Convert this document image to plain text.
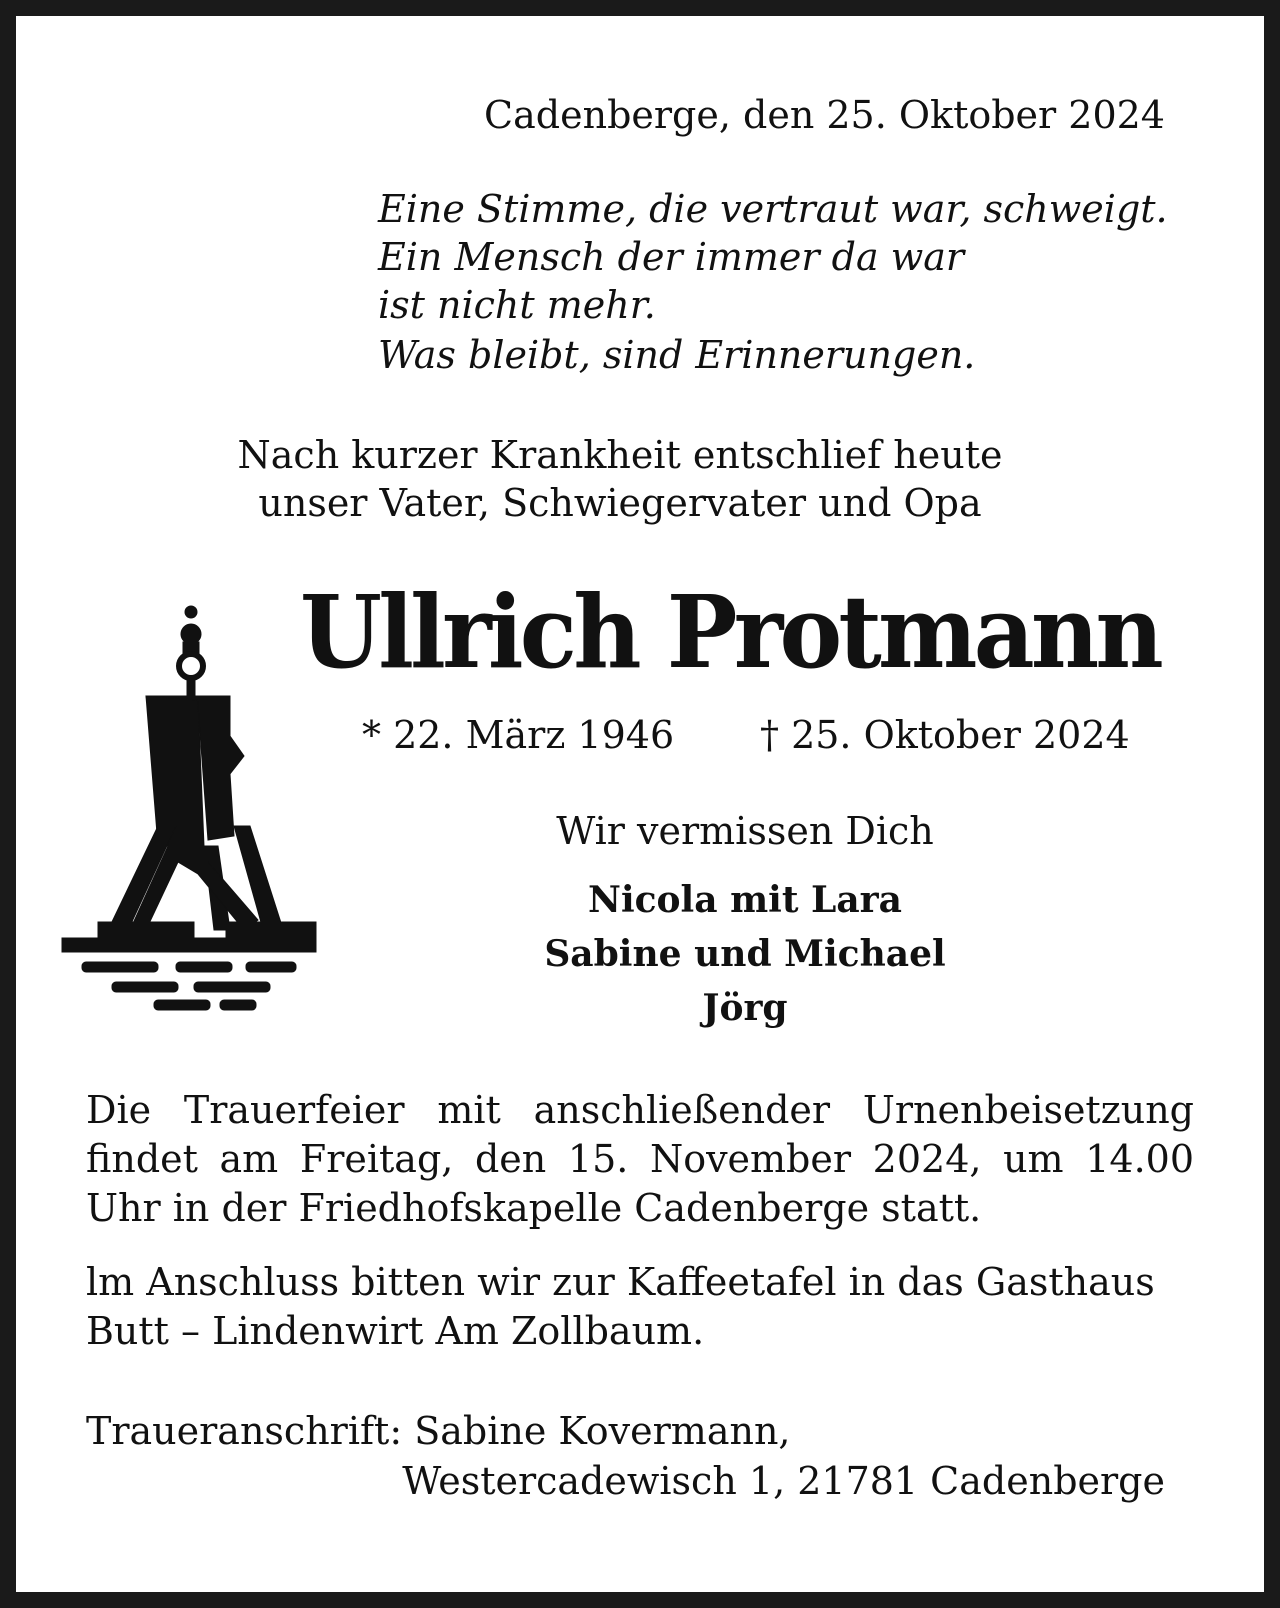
Cadenberge, den 25. Oktober 2024
Eine Stimme, die vertraut war, schweigt.
Ein Mensch der immer da war
ist nicht mehr.
Was bleibt, sind Erinnerungen.
Nach kurzer Krankheit entschlief heute
unser Vater, Schwiegervater und Opa
Ullrich Protmann
* 22. März 1946 † 25. Oktober 2024
Wir vermissen Dich
Nicola mit Lara
Sabine und Michael
Jörg
Die Trauerfeier mit anschließender Urnenbeisetzung findet am Freitag, den 15. November 2024, um 14.00 Uhr in der Friedhofskapelle Cadenberge statt.
lm Anschluss bitten wir zur Kaffeetafel in das Gasthaus Butt – Lindenwirt Am Zollbaum.
Traueranschrift: Sabine Kovermann,
Westercadewisch 1, 21781 Cadenberge
